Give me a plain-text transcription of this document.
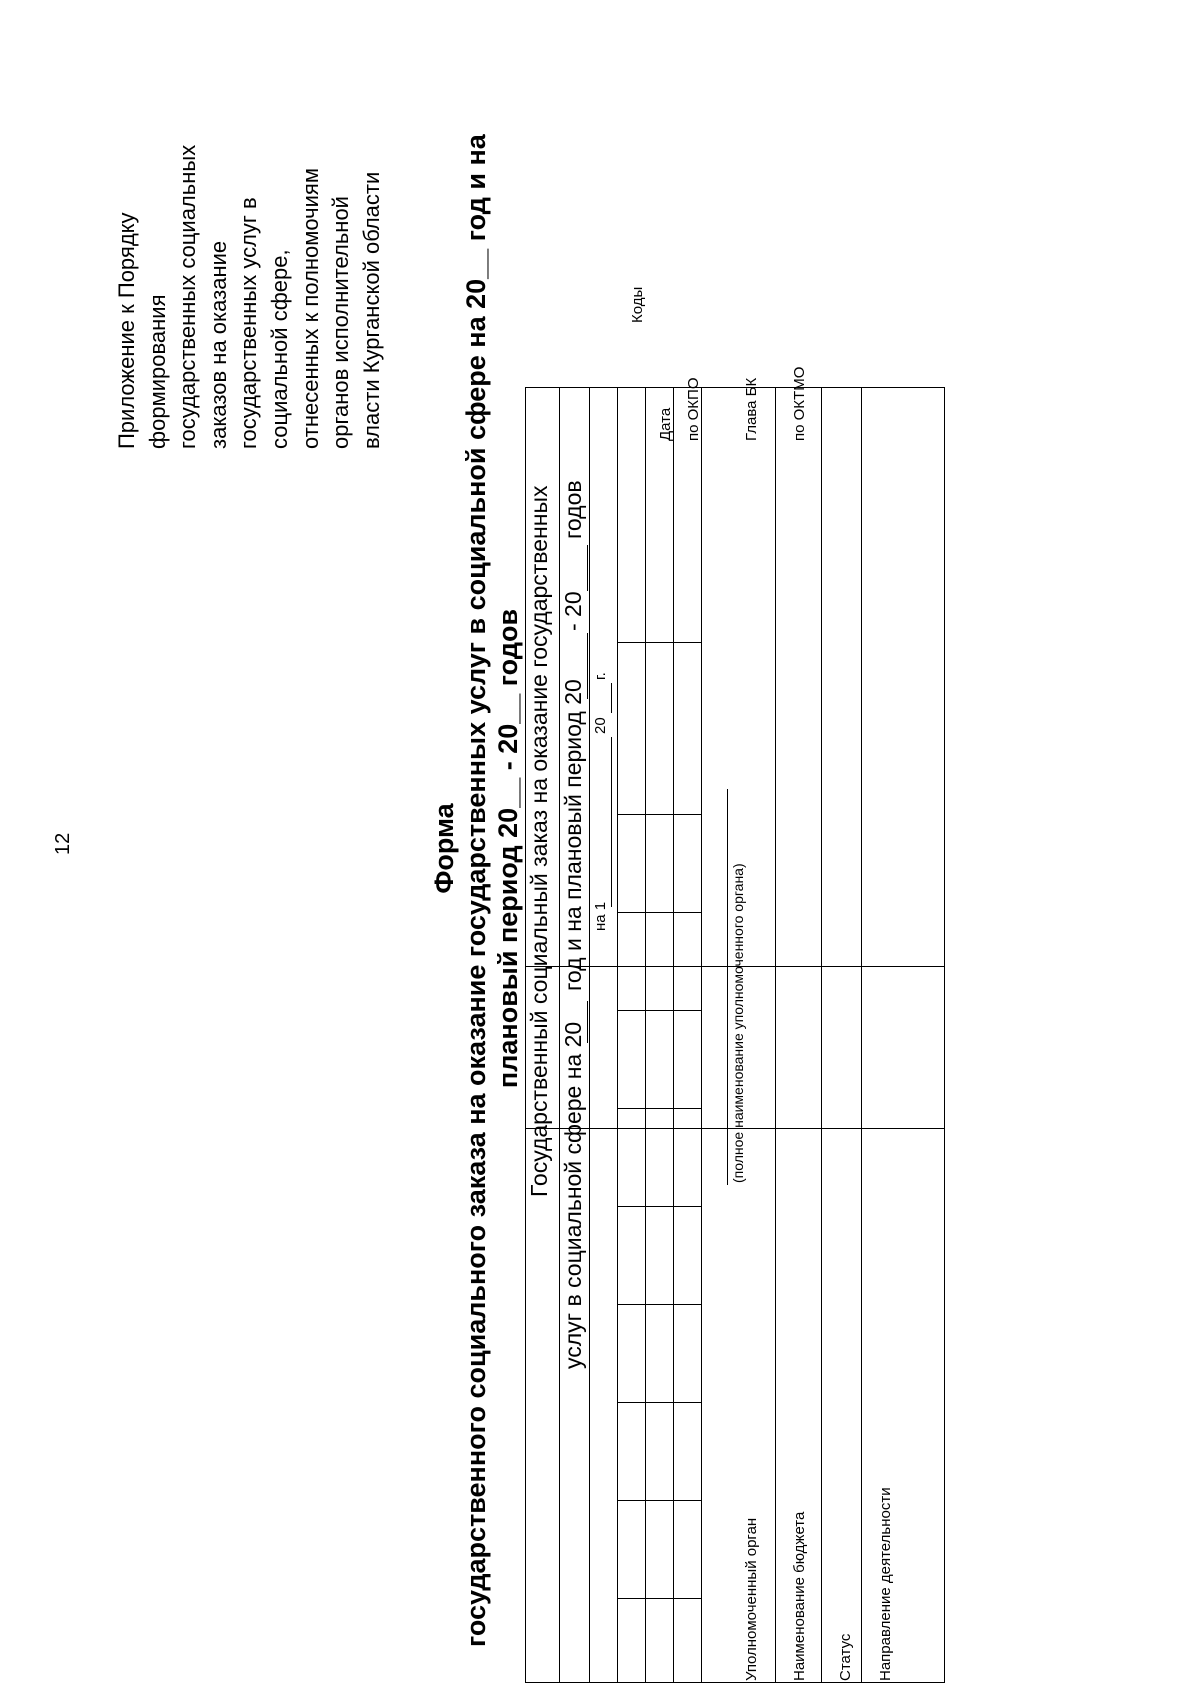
12
Приложение к Порядку формирования государственных социальных заказов на оказание государственных услуг в социальной сфере, отнесенных к полномочиям органов исполнительной власти Курганской области
Форма государственного социального заказа на оказание государственных услуг в социальной сфере на 20__ год и на плановый период 20__ - 20__ годов Государственный социальный заказ на оказание государственных услуг в социальной сфере на 20
год и на плановый период 20
- 20
годов
на 1
20
г.
Коды
Дата по ОКПО	Глава БК по ОКТМО
Уполномоченный орган
(полное наименование уполномоченного органа)
Наименование бюджета Статус Направление деятельности
